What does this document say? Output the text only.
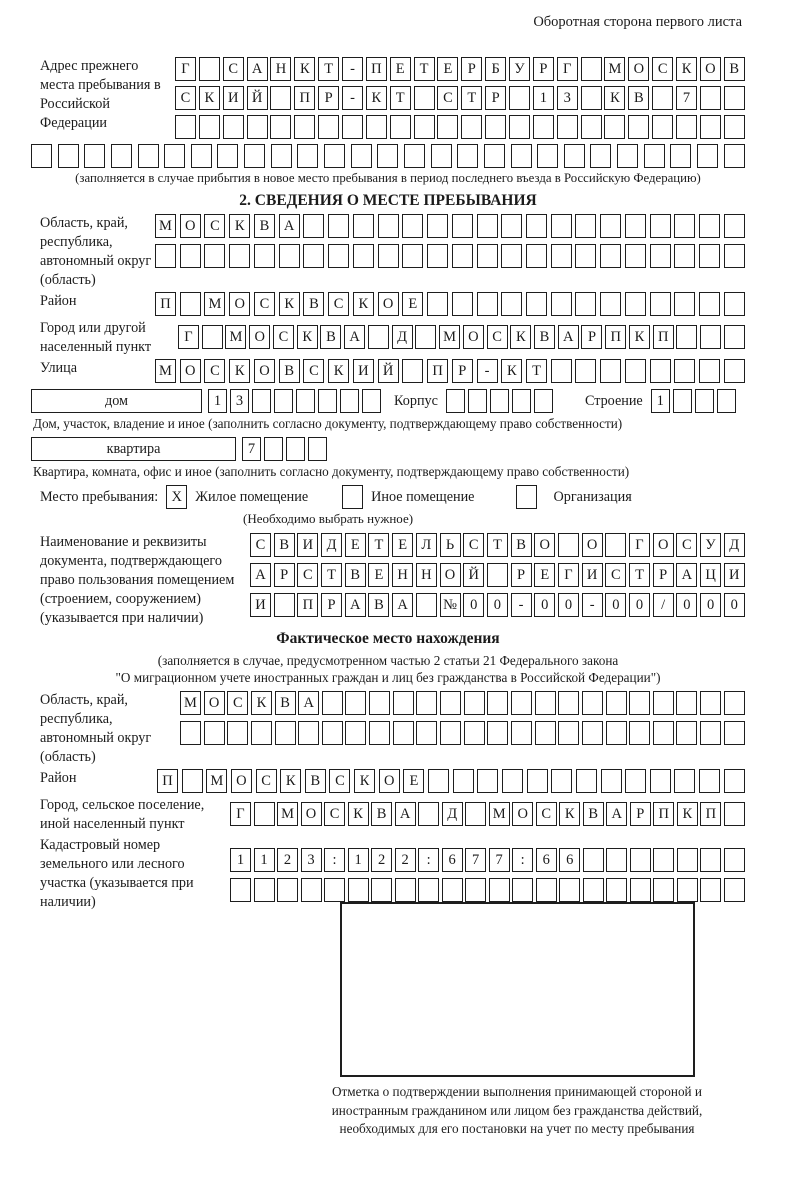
Оборотная сторона первого листа
Адрес прежнего места пребывания в Российской Федерации
Г	С А Н К	Т	-	П Е	Т	Е	Р	Б	У	Р	Г	М О С К О В
С К И Й	П	Р	-	К	Т	С	Т	Р	1	3	К В	7
(заполняется в случае прибытия в новое место пребывания в период последнего въезда в Российскую Федерацию)
2. СВЕДЕНИЯ О МЕСТЕ ПРЕБЫВАНИЯ
Область, край, республика, автономный округ (область)
М О	С	К	В	А
Район	П	М О	С	К	В	С	К	О	Е
Город или другой населенный пункт
Г	М О С К В А	Д	М О С К В А Р П К П
Улица	М О	С	К	О	В	С	К	И Й	П	Р	-	К	Т
дом	1	3	Корпус	Строение 1
Дом, участок, владение и иное (заполнить согласно документу, подтверждающему право собственности)
квартира	7
Квартира, комната, офис и иное (заполнить согласно документу, подтверждающему право собственности)
Место пребывания: X Жилое помещение	Иное помещение	Организация
(Необходимо выбрать нужное)
Наименование и реквизиты документа, подтверждающего право пользования помещением (строением, сооружением) (указывается при наличии)
С В И Д Е	Т	Е Л	Ь	С Т В О	О	Г О С У Д
А Р	С Т В Е Н Н О Й	Р	Е	Г И С Т	Р А Ц И
И	П Р А В А	№ 0	0	-	0	0	-	0	0	/	0	0	0
Фактическое место нахождения
(заполняется в случае, предусмотренном частью 2 статьи 21 Федерального закона
"О миграционном учете иностранных граждан и лиц без гражданства в Российской Федерации")
Область, край, республика, автономный округ (область)
М О С К В А
Район	П	М О	С	К	В	С	К	О	Е
Город, сельское поселение, иной населенный пункт
Г	М О С К В А	Д	М О С К В А Р П К П
Кадастровый номер земельного или лесного участка (указывается при наличии)
1	1	2	3	:	1	2	2	:	6	7	7	:	6	6
Отметка о подтверждении выполнения принимающей стороной и иностранным гражданином или лицом без гражданства действий, необходимых для его постановки на учет по месту пребывания
